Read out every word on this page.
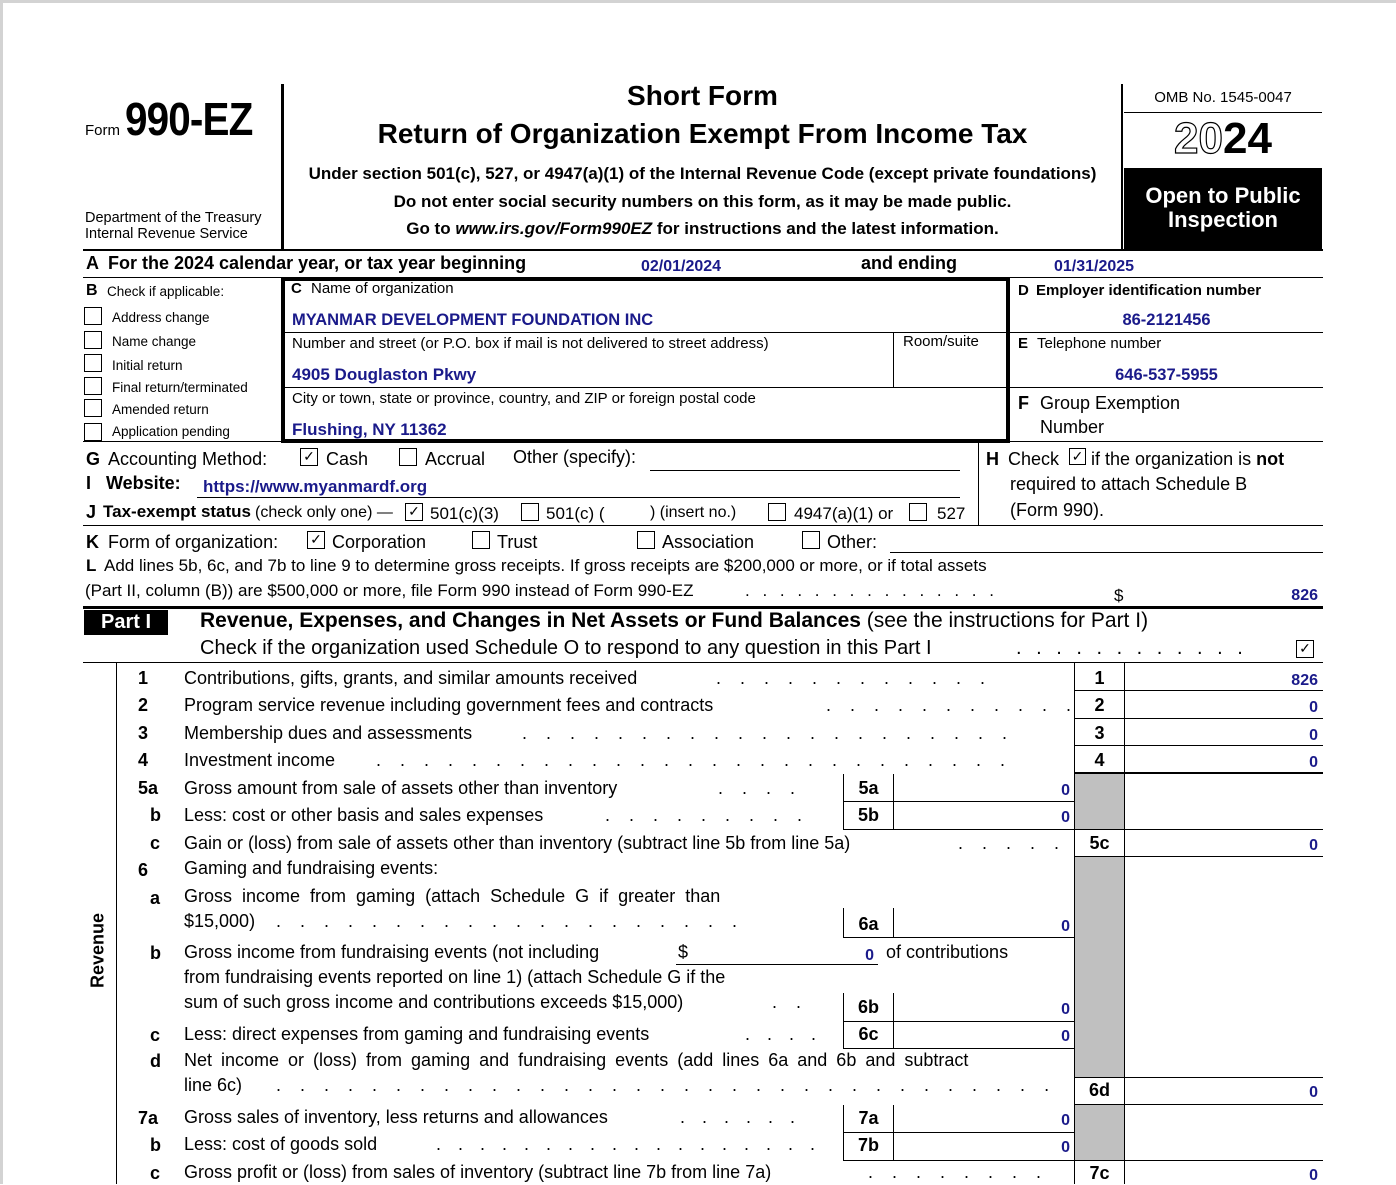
Form 990-EZ
Department of the Treasury
Internal Revenue Service
Short Form
Return of Organization Exempt From Income Tax
Under section 501(c), 527, or 4947(a)(1) of the Internal Revenue Code (except private foundations)
Do not enter social security numbers on this form, as it may be made public.
Go to www.irs.gov/Form990EZ for instructions and the latest information.
OMB No. 1545-0047
2024
Open to Public
Inspection
A For the 2024 calendar year, or tax year beginning	02/01/2024	and ending	01/31/2025
B Check if applicable:
Address change
Name change
Initial return
Final return/terminated
Amended return
Application pending
C Name of organization
MYANMAR DEVELOPMENT FOUNDATION INC
Number and street (or P.O. box if mail is not delivered to street address)	Room/suite
4905 Douglaston Pkwy
City or town, state or province, country, and ZIP or foreign postal code
Flushing, NY 11362
D Employer identification number
86-2121456
E Telephone number
646-537-5955
F Group Exemption
Number
G Accounting Method:	✓ Cash	Accrual Other (specify):	H Check ✓ if the organization is not
required to attach Schedule B
(Form 990).
I Website: https://www.myanmardf.org
J Tax-exempt status (check only one) — ✓ 501(c)(3)	501(c) (	) (insert no.)	4947(a)(1) or	527
K Form of organization: ✓ Corporation	Trust	Association	Other:
L Add lines 5b, 6c, and 7b to line 9 to determine gross receipts. If gross receipts are $200,000 or more, or if total assets
(Part II, column (B)) are $500,000 or more, file Form 990 instead of Form 990-EZ	. . . . . . . . . . . . . . .	$	826
Part I	Revenue, Expenses, and Changes in Net Assets or Fund Balances (see the instructions for Part I)
Check if the organization used Schedule O to respond to any question in this Part I	. . . . . . . . . . . .	✓
Revenue
1 Contributions, gifts, grants, and similar amounts received	. . . . . . . . . . . .	1	826
2 Program service revenue including government fees and contracts	. . . . . . . . . . .	2	0
3 Membership dues and assessments	. . . . . . . . . . . . . . . . . . . . .	3	0
4 Investment income . . . . . . . . . . . . . . . . . . . . . . . . . . .	4	0
5a Gross amount from sale of assets other than inventory	. . . .	5a	0
b Less: cost or other basis and sales expenses	. . . . . . . . .	5b	0
c Gain or (loss) from sale of assets other than inventory (subtract line 5b from line 5a)	. . . . .	5c	0
6 Gaming and fundraising events:
a Gross  income  from  gaming  (attach  Schedule  G  if  greater  than
$15,000) . . . . . . . . . . . . . . . . . . . .	6a	0
b Gross income from fundraising events (not including	$	0 of contributions
from fundraising events reported on line 1) (attach Schedule G if the
sum of such gross income and contributions exceeds $15,000)	. .	6b	0
c Less: direct expenses from gaming and fundraising events	. . . .	6c	0
d Net income or (loss) from gaming and fundraising events (add lines 6a and 6b and subtract
line 6c) . . . . . . . . . . . . . . . . . . . . . . . . . . . . . . . . .	6d	0
7a Gross sales of inventory, less returns and allowances	. . . . . .	7a	0
b Less: cost of goods sold	. . . . . . . . . . . . . . . . . .	7b	0
c Gross profit or (loss) from sales of inventory (subtract line 7b from line 7a)	. . . . . . . .	7c	0
